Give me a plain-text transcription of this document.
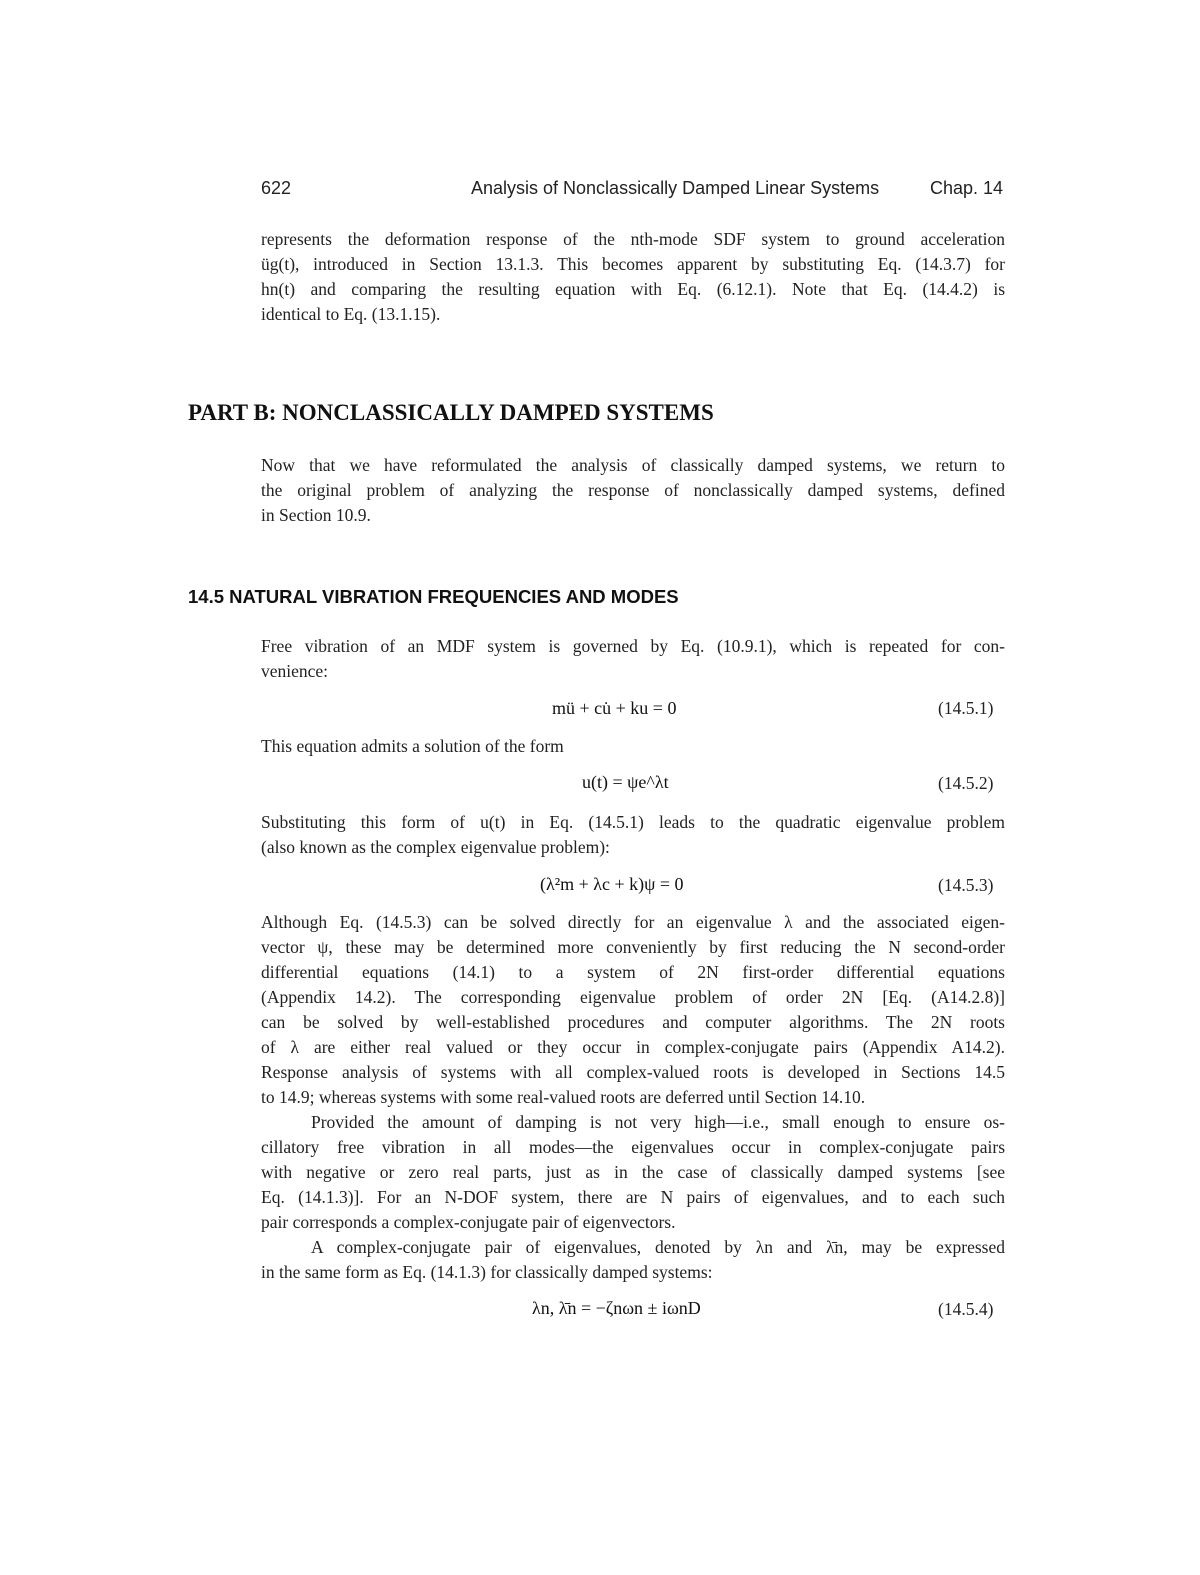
622	Analysis of Nonclassically Damped Linear Systems	Chap. 14
represents the deformation response of the nth-mode SDF system to ground acceleration
üg(t), introduced in Section 13.1.3. This becomes apparent by substituting Eq. (14.3.7) for
hn(t) and comparing the resulting equation with Eq. (6.12.1). Note that Eq. (14.4.2) is
identical to Eq. (13.1.15).
PART B: NONCLASSICALLY DAMPED SYSTEMS
Now that we have reformulated the analysis of classically damped systems, we return to
the original problem of analyzing the response of nonclassically damped systems, defined
in Section 10.9.
14.5 NATURAL VIBRATION FREQUENCIES AND MODES
Free vibration of an MDF system is governed by Eq. (10.9.1), which is repeated for con-
venience:
mü + cu̇ + ku = 0	(14.5.1)
This equation admits a solution of the form
u(t) = ψe^λt	(14.5.2)
Substituting this form of u(t) in Eq. (14.5.1) leads to the quadratic eigenvalue problem
(also known as the complex eigenvalue problem):
(λ²m + λc + k)ψ = 0	(14.5.3)
Although Eq. (14.5.3) can be solved directly for an eigenvalue λ and the associated eigen-
vector ψ, these may be determined more conveniently by first reducing the N second-order
differential equations (14.1) to a system of 2N first-order differential equations
(Appendix 14.2). The corresponding eigenvalue problem of order 2N [Eq. (A14.2.8)]
can be solved by well-established procedures and computer algorithms. The 2N roots
of λ are either real valued or they occur in complex-conjugate pairs (Appendix A14.2).
Response analysis of systems with all complex-valued roots is developed in Sections 14.5
to 14.9; whereas systems with some real-valued roots are deferred until Section 14.10.
Provided the amount of damping is not very high—i.e., small enough to ensure os-
cillatory free vibration in all modes—the eigenvalues occur in complex-conjugate pairs
with negative or zero real parts, just as in the case of classically damped systems [see
Eq. (14.1.3)]. For an N-DOF system, there are N pairs of eigenvalues, and to each such
pair corresponds a complex-conjugate pair of eigenvectors.
A complex-conjugate pair of eigenvalues, denoted by λn and λ̄n, may be expressed
in the same form as Eq. (14.1.3) for classically damped systems:
λn, λ̄n = −ζnωn ± iωnD	(14.5.4)
